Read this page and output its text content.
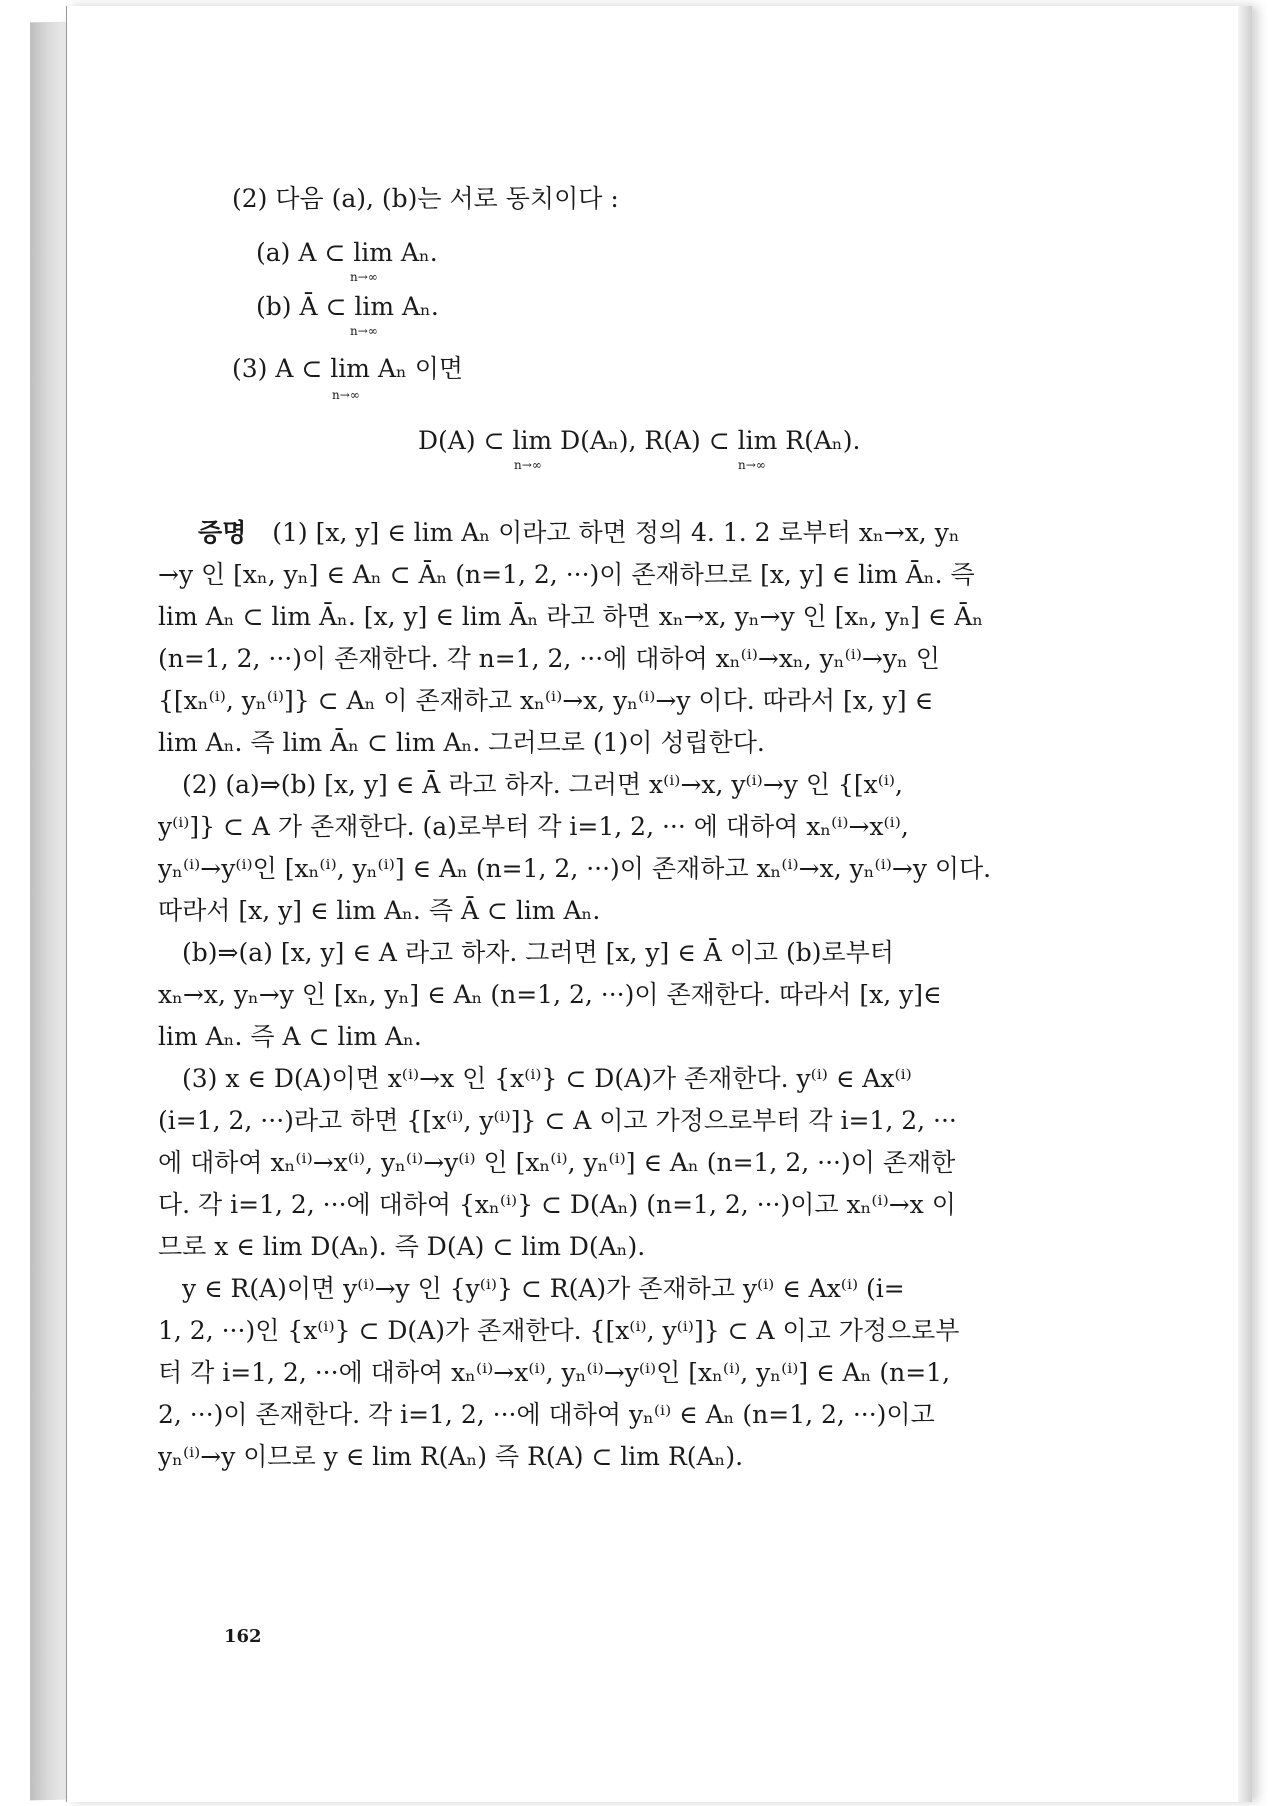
(2) 다음 (a), (b)는 서로 동치이다 :
(a) A ⊂ lim Aₙ.
n→∞
(b) Ā ⊂ lim Aₙ.
n→∞
(3) A ⊂ lim Aₙ 이면
n→∞
D(A) ⊂ lim D(Aₙ), R(A) ⊂ lim R(Aₙ).
n→∞	n→∞
증명 (1) [x, y] ∈ lim Aₙ 이라고 하면 정의 4. 1. 2 로부터 xₙ→x, yₙ
→y 인 [xₙ, yₙ] ∈ Aₙ ⊂ Āₙ (n=1, 2, ···)이 존재하므로 [x, y] ∈ lim Āₙ. 즉
lim Aₙ ⊂ lim Āₙ. [x, y] ∈ lim Āₙ 라고 하면 xₙ→x, yₙ→y 인 [xₙ, yₙ] ∈ Āₙ
(n=1, 2, ···)이 존재한다. 각 n=1, 2, ···에 대하여 xₙ⁽ⁱ⁾→xₙ, yₙ⁽ⁱ⁾→yₙ 인
{[xₙ⁽ⁱ⁾, yₙ⁽ⁱ⁾]} ⊂ Aₙ 이 존재하고 xₙ⁽ⁱ⁾→x, yₙ⁽ⁱ⁾→y 이다. 따라서 [x, y] ∈
lim Aₙ. 즉 lim Āₙ ⊂ lim Aₙ. 그러므로 (1)이 성립한다.
(2) (a)⇒(b) [x, y] ∈ Ā 라고 하자. 그러면 x⁽ⁱ⁾→x, y⁽ⁱ⁾→y 인 {[x⁽ⁱ⁾,
y⁽ⁱ⁾]} ⊂ A 가 존재한다. (a)로부터 각 i=1, 2, ··· 에 대하여 xₙ⁽ⁱ⁾→x⁽ⁱ⁾,
yₙ⁽ⁱ⁾→y⁽ⁱ⁾인 [xₙ⁽ⁱ⁾, yₙ⁽ⁱ⁾] ∈ Aₙ (n=1, 2, ···)이 존재하고 xₙ⁽ⁱ⁾→x, yₙ⁽ⁱ⁾→y 이다.
따라서 [x, y] ∈ lim Aₙ. 즉 Ā ⊂ lim Aₙ.
(b)⇒(a) [x, y] ∈ A 라고 하자. 그러면 [x, y] ∈ Ā 이고 (b)로부터
xₙ→x, yₙ→y 인 [xₙ, yₙ] ∈ Aₙ (n=1, 2, ···)이 존재한다. 따라서 [x, y]∈
lim Aₙ. 즉 A ⊂ lim Aₙ.
(3) x ∈ D(A)이면 x⁽ⁱ⁾→x 인 {x⁽ⁱ⁾} ⊂ D(A)가 존재한다. y⁽ⁱ⁾ ∈ Ax⁽ⁱ⁾
(i=1, 2, ···)라고 하면 {[x⁽ⁱ⁾, y⁽ⁱ⁾]} ⊂ A 이고 가정으로부터 각 i=1, 2, ···
에 대하여 xₙ⁽ⁱ⁾→x⁽ⁱ⁾, yₙ⁽ⁱ⁾→y⁽ⁱ⁾ 인 [xₙ⁽ⁱ⁾, yₙ⁽ⁱ⁾] ∈ Aₙ (n=1, 2, ···)이 존재한
다. 각 i=1, 2, ···에 대하여 {xₙ⁽ⁱ⁾} ⊂ D(Aₙ) (n=1, 2, ···)이고 xₙ⁽ⁱ⁾→x 이
므로 x ∈ lim D(Aₙ). 즉 D(A) ⊂ lim D(Aₙ).
y ∈ R(A)이면 y⁽ⁱ⁾→y 인 {y⁽ⁱ⁾} ⊂ R(A)가 존재하고 y⁽ⁱ⁾ ∈ Ax⁽ⁱ⁾ (i=
1, 2, ···)인 {x⁽ⁱ⁾} ⊂ D(A)가 존재한다. {[x⁽ⁱ⁾, y⁽ⁱ⁾]} ⊂ A 이고 가정으로부
터 각 i=1, 2, ···에 대하여 xₙ⁽ⁱ⁾→x⁽ⁱ⁾, yₙ⁽ⁱ⁾→y⁽ⁱ⁾인 [xₙ⁽ⁱ⁾, yₙ⁽ⁱ⁾] ∈ Aₙ (n=1,
2, ···)이 존재한다. 각 i=1, 2, ···에 대하여 yₙ⁽ⁱ⁾ ∈ Aₙ (n=1, 2, ···)이고
yₙ⁽ⁱ⁾→y 이므로 y ∈ lim R(Aₙ) 즉 R(A) ⊂ lim R(Aₙ).
162
